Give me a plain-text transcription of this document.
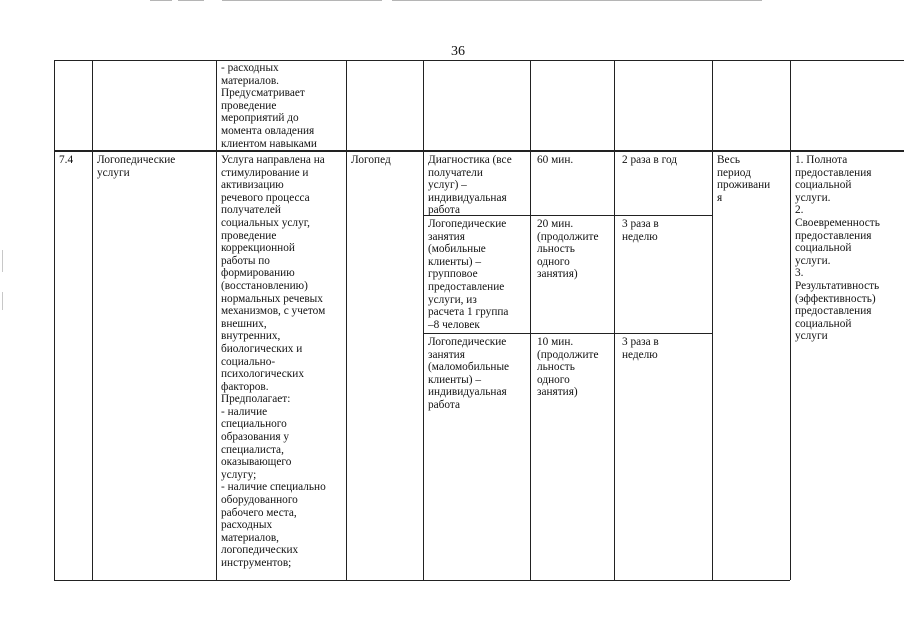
36
- расходных
материалов.
Предусматривает
проведение
мероприятий до
момента овладения
клиентом навыками
7.4 Логопедические
услуги
Услуга направлена на
стимулирование и
активизацию
речевого процесса
получателей
социальных услуг,
проведение
коррекционной
работы по
формированию
(восстановлению)
нормальных речевых
механизмов, с учетом
внешних,
внутренних,
биологических и
социально-
психологических
факторов.
Предполагает:
- наличие
специального
образования у
специалиста,
оказывающего
услугу;
- наличие специально
оборудованного
рабочего места,
расходных
материалов,
логопедических
инструментов;
Логопед	Диагностика (все
получатели
услуг) –
индивидуальная
работа
60 мин.	2 раза в год
Логопедические
занятия
(мобильные
клиенты) –
групповое
предоставление
услуги, из
расчета 1 группа
–8 человек
20 мин.
(продолжите
льность
одного
занятия)
3 раза в
неделю
Логопедические
занятия
(маломобильные
клиенты) –
индивидуальная
работа
10 мин.
(продолжите
льность
одного
занятия)
3 раза в
неделю
Весь
период
проживани
я
1. Полнота
предоставления
социальной
услуги.
2.
Своевременность
предоставления
социальной
услуги.
3.
Результативность
(эффективность)
предоставления
социальной
услуги
